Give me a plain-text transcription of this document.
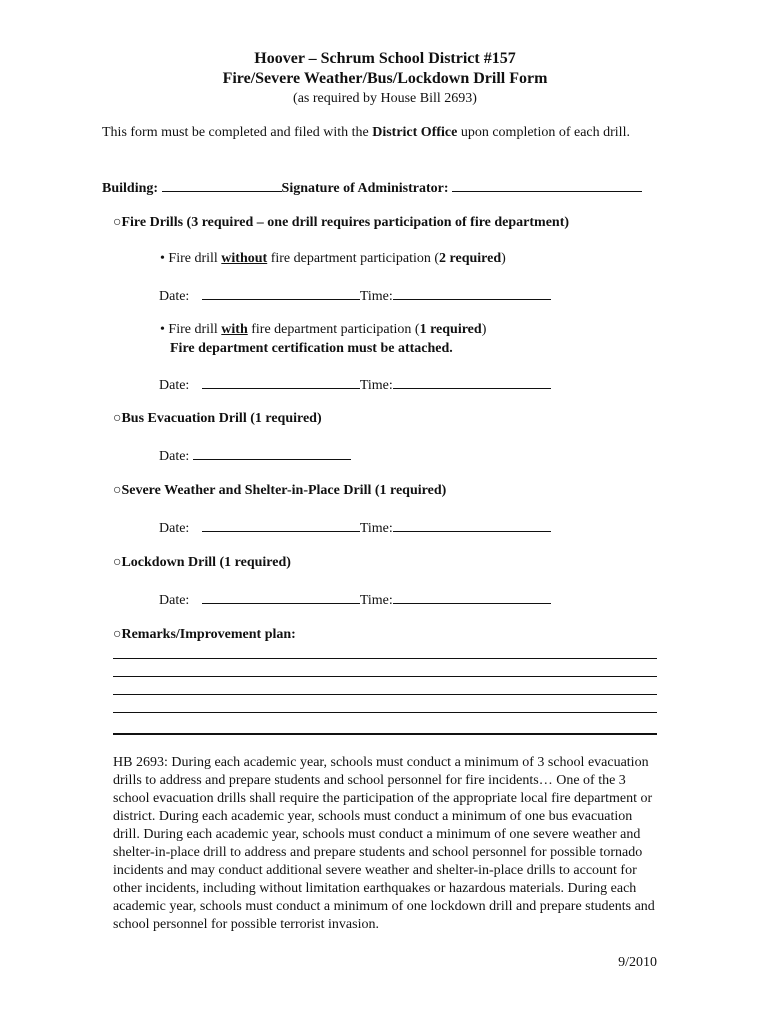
Hoover – Schrum School District #157
Fire/Severe Weather/Bus/Lockdown Drill Form
(as required by House Bill 2693)
This form must be completed and filed with the District Office upon completion of each drill.
Building:	Signature of Administrator:
○Fire Drills (3 required – one drill requires participation of fire department)
• Fire drill without fire department participation (2 required)
Date:	Time:
• Fire drill with fire department participation (1 required)
Fire department certification must be attached.
Date:	Time:
○Bus Evacuation Drill (1 required)
Date:
○Severe Weather and Shelter-in-Place Drill (1 required)
Date:	Time:
○Lockdown Drill (1 required)
Date:	Time:
○Remarks/Improvement plan:
HB 2693: During each academic year, schools must conduct a minimum of 3 school evacuation drills to address and prepare students and school personnel for fire incidents… One of the 3 school evacuation drills shall require the participation of the appropriate local fire department or district. During each academic year, schools must conduct a minimum of one bus evacuation drill. During each academic year, schools must conduct a minimum of one severe weather and shelter-in-place drill to address and prepare students and school personnel for possible tornado incidents and may conduct additional severe weather and shelter-in-place drills to account for other incidents, including without limitation earthquakes or hazardous materials. During each academic year, schools must conduct a minimum of one lockdown drill and prepare students and school personnel for possible terrorist invasion.
9/2010
